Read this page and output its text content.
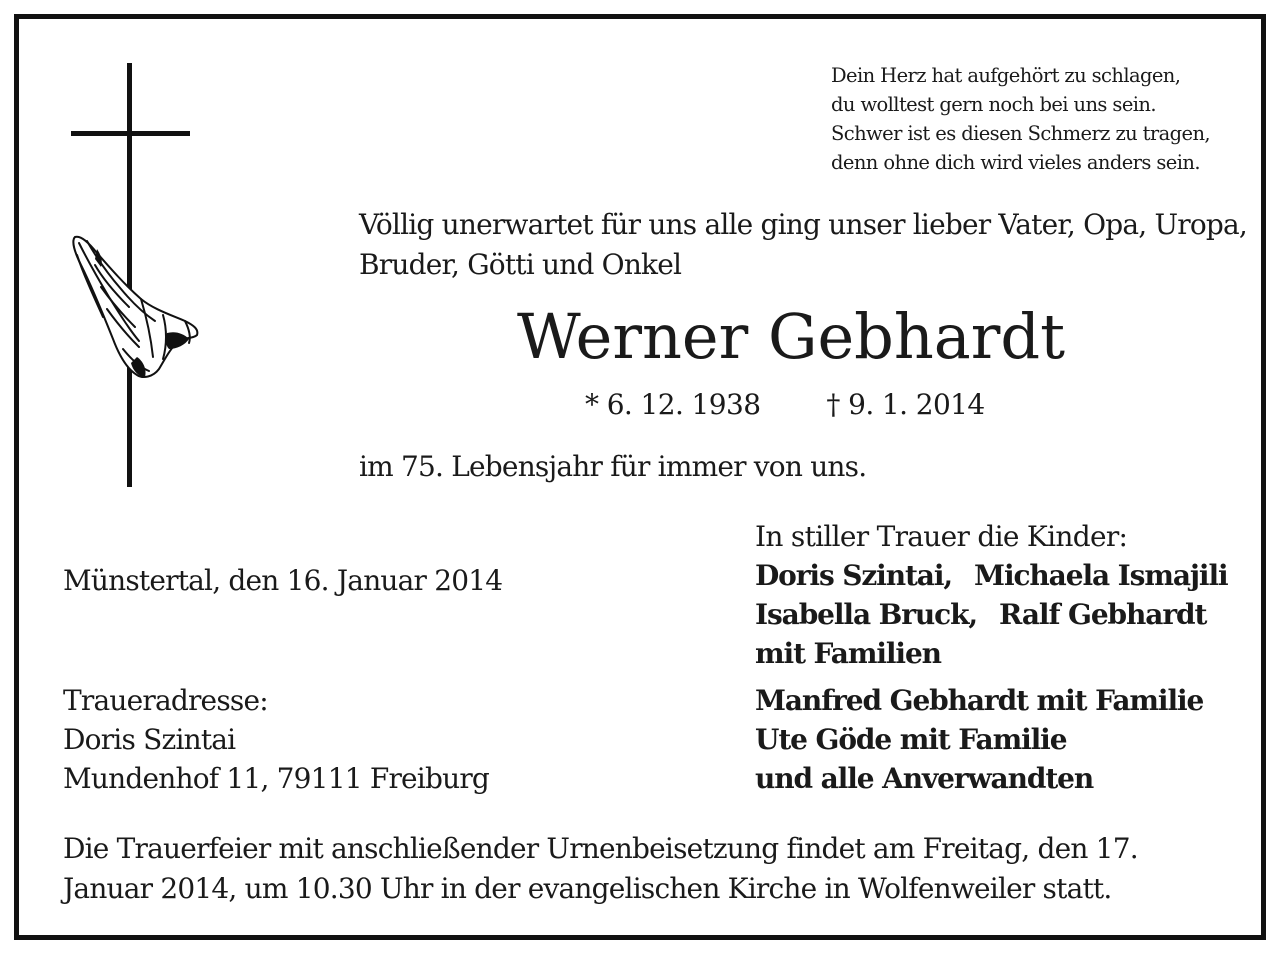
Dein Herz hat aufgehört zu schlagen,
du wolltest gern noch bei uns sein.
Schwer ist es diesen Schmerz zu tragen,
denn ohne dich wird vieles anders sein.
Völlig unerwartet für uns alle ging unser lieber Vater, Opa, Uropa,
Bruder, Götti und Onkel
Werner Gebhardt
* 6. 12. 1938 † 9. 1. 2014
im 75. Lebensjahr für immer von uns.
Münstertal, den 16. Januar 2014
In stiller Trauer die Kinder:
Doris Szintai, Michaela Ismajili
Isabella Bruck, Ralf Gebhardt
mit Familien
Manfred Gebhardt mit Familie
Ute Göde mit Familie
und alle Anverwandten
Traueradresse:
Doris Szintai
Mundenhof 11, 79111 Freiburg
Die Trauerfeier mit anschließender Urnenbeisetzung findet am Freitag, den 17. Januar 2014, um 10.30 Uhr in der evangelischen Kirche in Wolfenweiler statt.
